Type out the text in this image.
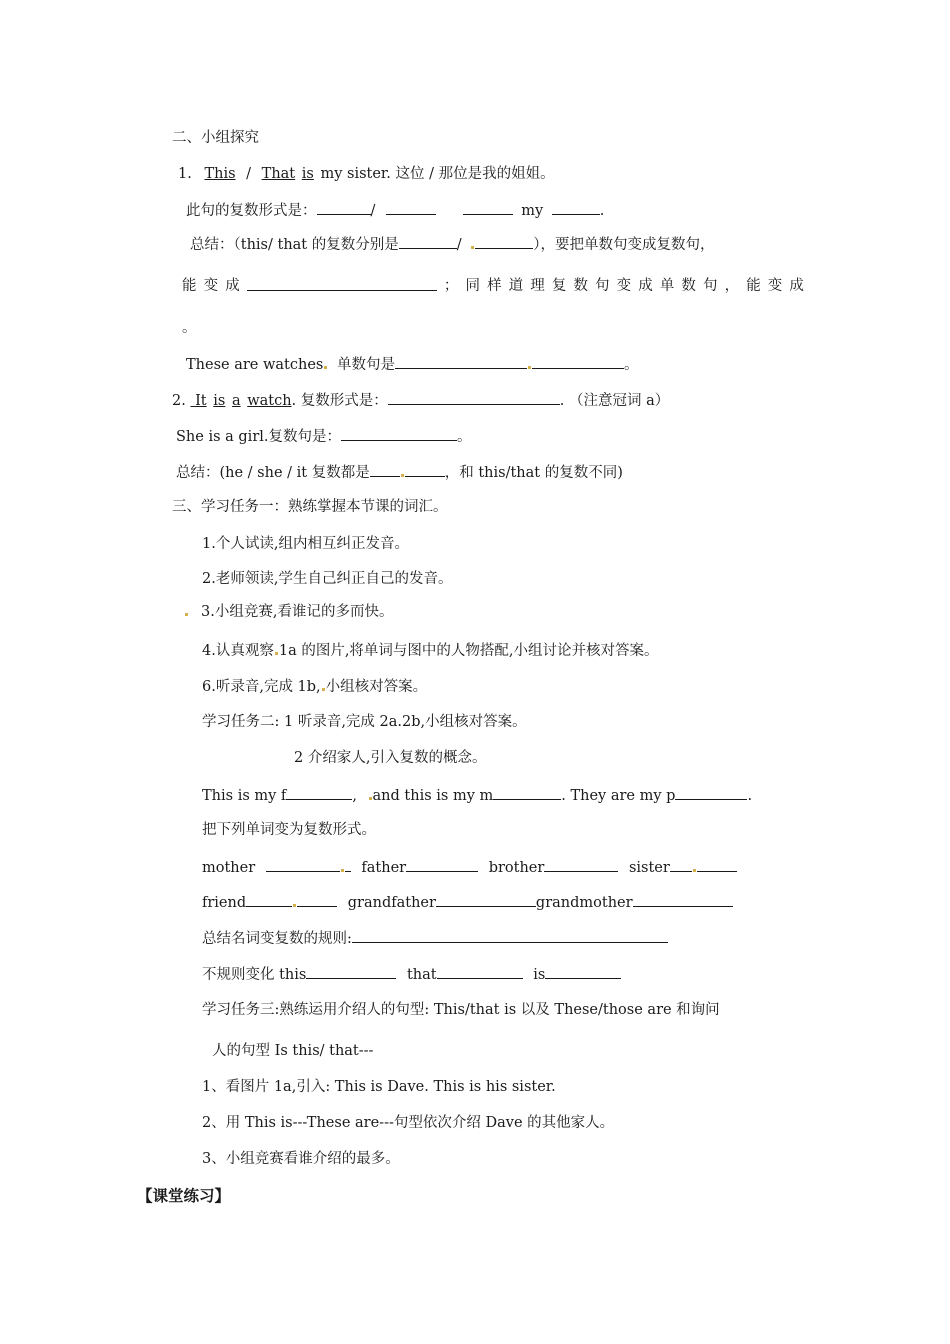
二、小组探究
1. This / That is my sister. 这位 / 那位是我的姐姐。
此句的复数形式是：	/	my	.
总结：（this/ that 的复数分别是	/	），要把单数句变成复数句，
能 变 成	； 同 样 道 理 复 数 句 变 成 单 数 句 ， 能 变 成
。
These are watches 单数句是	。
2. It is a watch. 复数形式是：	. （注意冠词 a）
She is a girl.复数句是：	。
总结：(he / she / it 复数都是	，和 this/that 的复数不同)
三、学习任务一：熟练掌握本节课的词汇。
1.个人试读,组内相互纠正发音。
2.老师领读,学生自己纠正自己的发音。
3.小组竞赛,看谁记的多而快。
4.认真观察 1a 的图片,将单词与图中的人物搭配,小组讨论并核对答案。
6.听录音,完成 1b, 小组核对答案。
学习任务二: 1 听录音,完成 2a.2b,小组核对答案。
2 介绍家人,引入复数的概念。
This is my f	, and this is my m	. They are my p	.
把下列单词变为复数形式。
mother	father	brother	sister
friend	grandfather	grandmother
总结名词变复数的规则:
不规则变化 this	that	is
学习任务三:熟练运用介绍人的句型: This/that is 以及 These/those are 和询问
人的句型 Is this/ that---
1、看图片 1a,引入: This is Dave. This is his sister.
2、用 This is---These are---句型依次介绍 Dave 的其他家人。
3、小组竞赛看谁介绍的最多。
【课堂练习】
